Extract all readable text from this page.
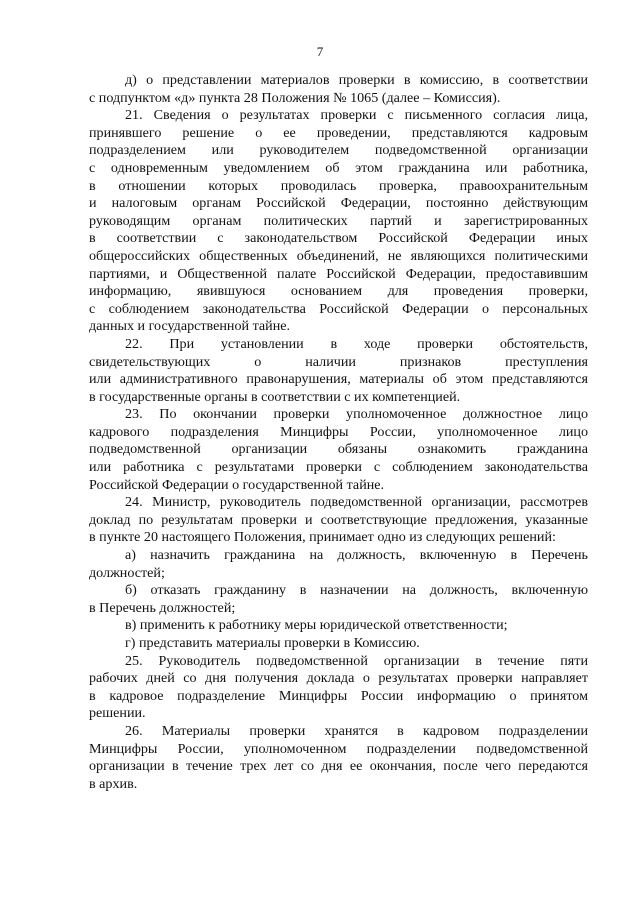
7
д) о представлении материалов проверки в комиссию, в соответствии
с подпунктом «д» пункта 28 Положения № 1065 (далее – Комиссия).
21. Сведения о результатах проверки с письменного согласия лица,
принявшего решение о ее проведении, представляются кадровым
подразделением или руководителем подведомственной организации
с одновременным уведомлением об этом гражданина или работника,
в отношении которых проводилась проверка, правоохранительным
и налоговым органам Российской Федерации, постоянно действующим
руководящим органам политических партий и зарегистрированных
в соответствии с законодательством Российской Федерации иных
общероссийских общественных объединений, не являющихся политическими
партиями, и Общественной палате Российской Федерации, предоставившим
информацию, явившуюся основанием для проведения проверки,
с соблюдением законодательства Российской Федерации о персональных
данных и государственной тайне.
22. При установлении в ходе проверки обстоятельств,
свидетельствующих о наличии признаков преступления
или административного правонарушения, материалы об этом представляются
в государственные органы в соответствии с их компетенцией.
23. По окончании проверки уполномоченное должностное лицо
кадрового подразделения Минцифры России, уполномоченное лицо
подведомственной организации обязаны ознакомить гражданина
или работника с результатами проверки с соблюдением законодательства
Российской Федерации о государственной тайне.
24. Министр, руководитель подведомственной организации, рассмотрев
доклад по результатам проверки и соответствующие предложения, указанные
в пункте 20 настоящего Положения, принимает одно из следующих решений:
а) назначить гражданина на должность, включенную в Перечень
должностей;
б) отказать гражданину в назначении на должность, включенную
в Перечень должностей;
в) применить к работнику меры юридической ответственности;
г) представить материалы проверки в Комиссию.
25. Руководитель подведомственной организации в течение пяти
рабочих дней со дня получения доклада о результатах проверки направляет
в кадровое подразделение Минцифры России информацию о принятом
решении.
26. Материалы проверки хранятся в кадровом подразделении
Минцифры России, уполномоченном подразделении подведомственной
организации в течение трех лет со дня ее окончания, после чего передаются
в архив.
